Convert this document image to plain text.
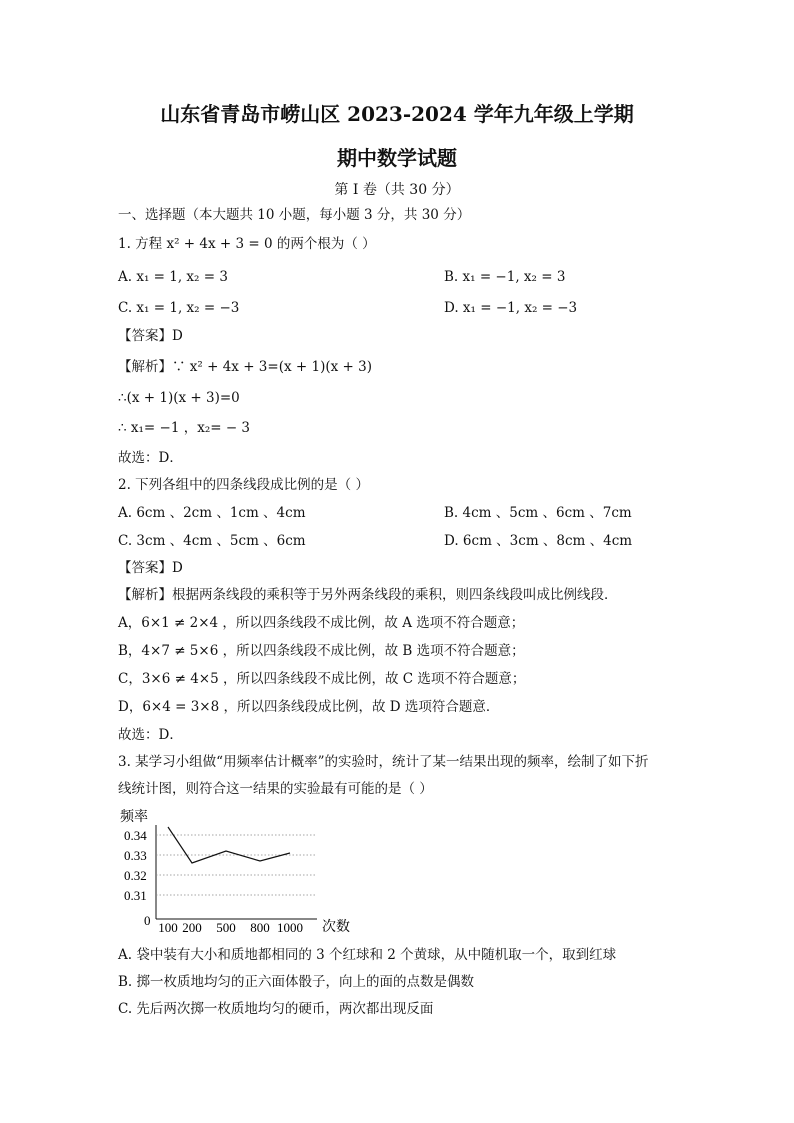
山东省青岛市崂山区 2023-2024 学年九年级上学期
期中数学试题
第 I 卷（共 30 分）
一、选择题（本大题共 10 小题，每小题 3 分，共 30 分）
1. 方程 x² + 4x + 3 = 0 的两个根为（ ）
A. x₁ = 1, x₂ = 3	B. x₁ = −1, x₂ = 3
C. x₁ = 1, x₂ = −3	D. x₁ = −1, x₂ = −3
【答案】D
【解析】∵ x² + 4x + 3=(x + 1)(x + 3)
∴(x + 1)(x + 3)=0
∴ x₁= −1 ，x₂= − 3
故选：D．
2. 下列各组中的四条线段成比例的是（ ）
A. 6cm 、2cm 、1cm 、4cm	B. 4cm 、5cm 、6cm 、7cm
C. 3cm 、4cm 、5cm 、6cm	D. 6cm 、3cm 、8cm 、4cm
【答案】D
【解析】根据两条线段的乘积等于另外两条线段的乘积，则四条线段叫成比例线段．
A，6×1 ≠ 2×4 ，所以四条线段不成比例，故 A 选项不符合题意；
B，4×7 ≠ 5×6 ，所以四条线段不成比例，故 B 选项不符合题意；
C，3×6 ≠ 4×5 ，所以四条线段不成比例，故 C 选项不符合题意；
D，6×4 = 3×8 ，所以四条线段成比例，故 D 选项符合题意．
故选：D．
3. 某学习小组做“用频率估计概率”的实验时，统计了某一结果出现的频率，绘制了如下折
线统计图，则符合这一结果的实验最有可能的是（ ）
频率
次数
0
0.34
0.33
0.32
0.31
100 200 500 800 1000
A. 袋中装有大小和质地都相同的 3 个红球和 2 个黄球，从中随机取一个，取到红球
B. 掷一枚质地均匀的正六面体骰子，向上的面的点数是偶数
C. 先后两次掷一枚质地均匀的硬币，两次都出现反面
